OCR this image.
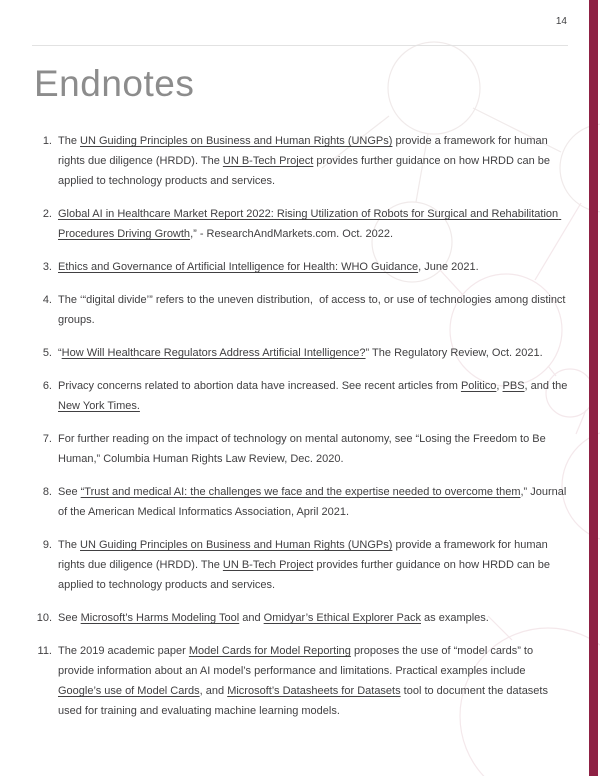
14
Endnotes
1. The UN Guiding Principles on Business and Human Rights (UNGPs) provide a framework for human rights due diligence (HRDD). The UN B-Tech Project provides further guidance on how HRDD can be applied to technology products and services.
2. Global AI in Healthcare Market Report 2022: Rising Utilization of Robots for Surgical and Rehabilitation Procedures Driving Growth,” - ResearchAndMarkets.com. Oct. 2022.
3. Ethics and Governance of Artificial Intelligence for Health: WHO Guidance, June 2021.
4. The ‘“digital divide’” refers to the uneven distribution,  of access to, or use of technologies among distinct groups.
5. “How Will Healthcare Regulators Address Artificial Intelligence?” The Regulatory Review, Oct. 2021.
6. Privacy concerns related to abortion data have increased. See recent articles from Politico, PBS, and the New York Times.
7. For further reading on the impact of technology on mental autonomy, see “Losing the Freedom to Be Human,” Columbia Human Rights Law Review, Dec. 2020.
8. See “Trust and medical AI: the challenges we face and the expertise needed to overcome them,” Journal of the American Medical Informatics Association, April 2021.
9. The UN Guiding Principles on Business and Human Rights (UNGPs) provide a framework for human rights due diligence (HRDD). The UN B-Tech Project provides further guidance on how HRDD can be applied to technology products and services.
10. See Microsoft’s Harms Modeling Tool and Omidyar’s Ethical Explorer Pack as examples.
11. The 2019 academic paper Model Cards for Model Reporting proposes the use of “model cards” to provide information about an AI model’s performance and limitations. Practical examples include Google’s use of Model Cards, and Microsoft’s Datasheets for Datasets tool to document the datasets used for training and evaluating machine learning models.
